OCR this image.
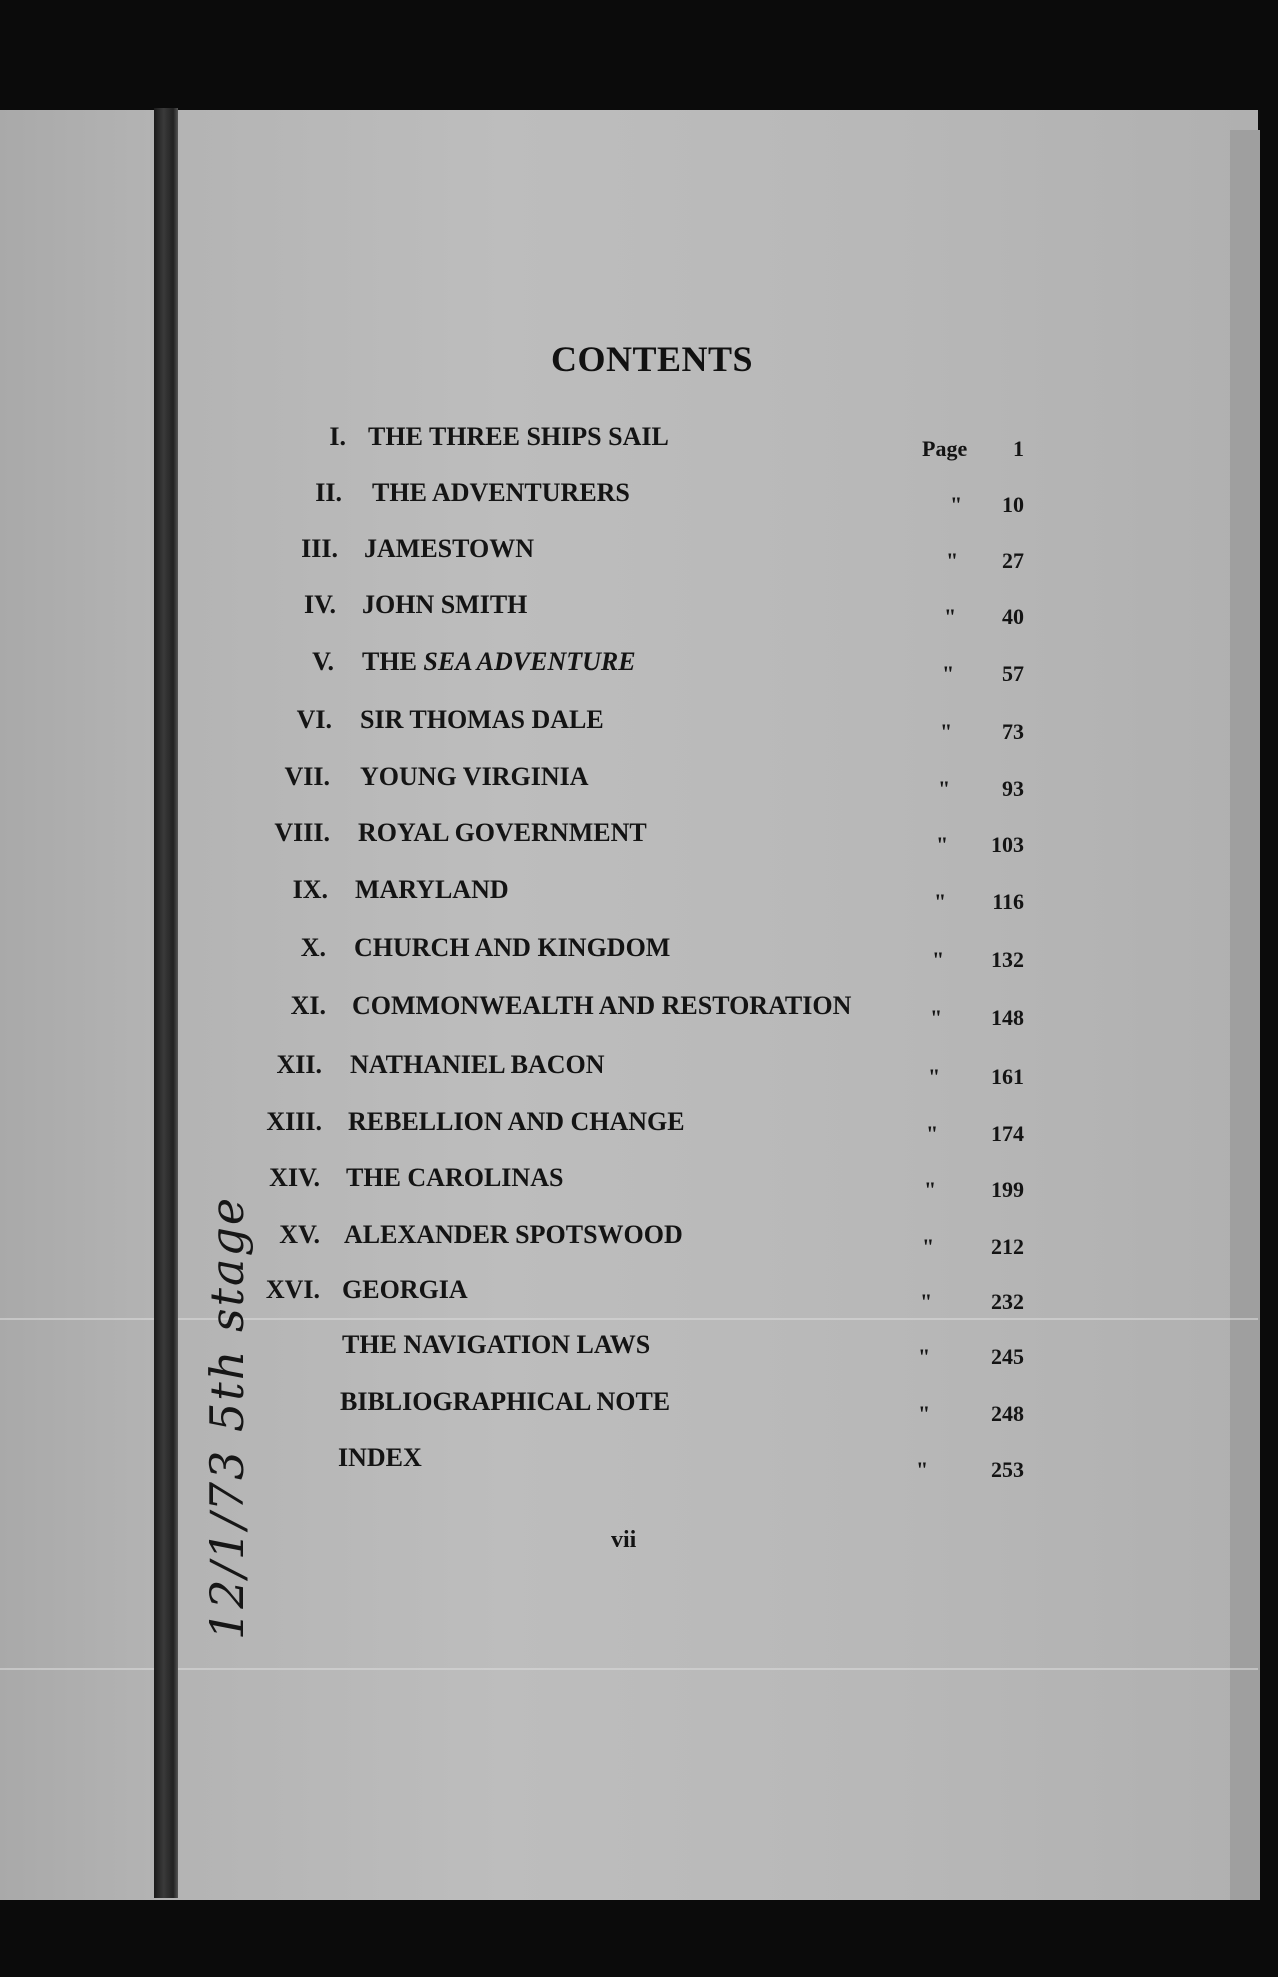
CONTENTS
I. THE THREE SHIPS SAIL	Page 1
II. THE ADVENTURERS	" 10
III. JAMESTOWN	" 27
IV. JOHN SMITH	" 40
V. THE SEA ADVENTURE	" 57
VI. SIR THOMAS DALE	" 73
VII. YOUNG VIRGINIA	" 93
VIII. ROYAL GOVERNMENT	" 103
IX. MARYLAND	" 116
X. CHURCH AND KINGDOM	" 132
XI. COMMONWEALTH AND RESTORATION	" 148
XII. NATHANIEL BACON	" 161
XIII. REBELLION AND CHANGE	" 174
XIV. THE CAROLINAS	" 199
XV. ALEXANDER SPOTSWOOD	"	212
XVI. GEORGIA	"	232
THE NAVIGATION LAWS	"	245
BIBLIOGRAPHICAL NOTE	"	248
INDEX	"	253
vii
12/1/73 5th stage
